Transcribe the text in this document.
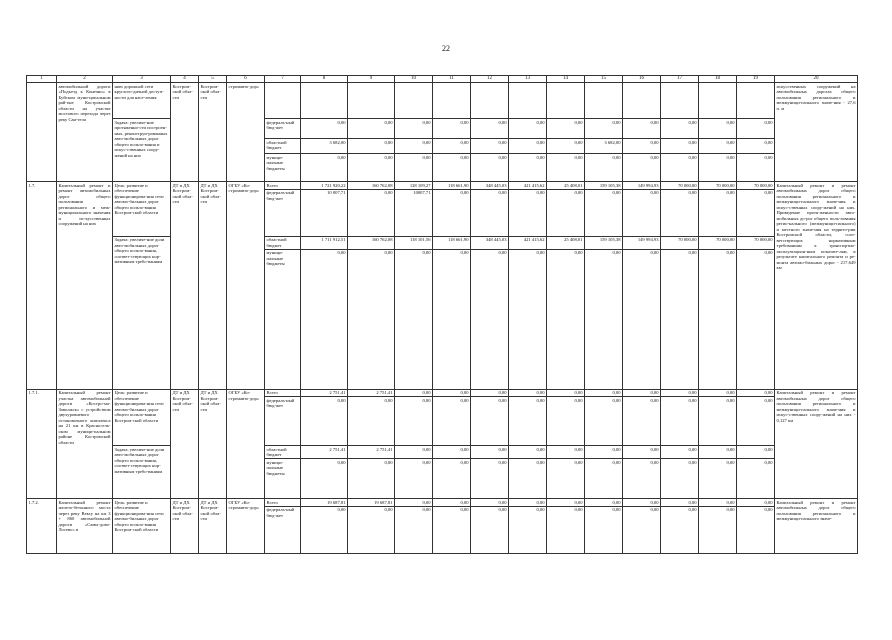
22
1	2	3	4	5	6	7	8	9	10	11	12	13	14	15	16	17	18	19	20
	автомобильной дороги «Подъезд к Конечно» в Буйском муни-ципальном рай-оне Костромской области на участке мостового перехода через реку Сан-тела	нию дорожной сети круглого-дичной доступ-ности для насе-ления	Костром-ской обла-сти	Костром-ской обла-сти	стромавто-дор»														искусственных сооружений на автомобильных дорогах общего пользования регионального и межмуници-пального значе-ния - 27,6 п. м
		Задача: увеличе-ние протяженно-сти построен-ных, реконструи-рованных авто-мобильных дорог общего пользо-вания и искус-ственных соору-жений на них				федераль-ный бюд-жет	0,00	0,00	0,00	0,00	0,00	0,00	0,00	0,00	0,00	0,00	0,00	0,00	
						областной бюджет	3 682,00	0,00	0,00	0,00	0,00	0,00	0,00	3 682,00	0,00	0,00	0,00	0,00	
						муници-пальные бюджеты	0,00	0,00	0,00	0,00	0,00	0,00	0,00	0,00	0,00	0,00	0,00	0,00	
1.7.	Капитальный ремонт и ремонт автомобильных дорог общего пользования регионального и меж-муниципального значения и ис-кусственных сооружений на них	Цель: развитие и обеспечение функционирова-ния сети автомо-бильных дорог общего пользо-вания Костром-ской области	ДТ и ДХ Костром-ской обла-сти	ДТ и ДХ Костром-ской обла-сти	ОГБУ «Ко-стромавто-дор»	Всего	1 721 920,22	160 762,08	128 109,27	118 661,90	348 445,03	421 415,62	25 408,01	159 105,38	149 994,93	70 000,00	70 000,00	70 000,00	Капитальный ремонт и ремонт автомобильных дорог общего пользования регионального и межмуници-пального значе-ния и искус-ственных соору-жений на них. Приведение протя-женности авто-мобильных до-рог общего поль-зования регио-нального (межмуници-пального) и местного значе-ния на террито-рии Костромской области, соот-ветствующих нормативным требованиям к транспортно-эксплуатацион-ным показате-лям, в результате капитального ремонта и ре-монта автомо-бильных дорог - 217,649 км
						федераль-ный бюд-жет	10 007,71	0,00	10007,71	0,00	0,00	0,00	0,00	0,00	0,00	0,00	0,00	0,00	
		Задача: увеличе-ние доли авто-мобильных дорог общего пользо-вания, соответ-ствующих нор-мативным требо-ваниям				областной бюджет	1 711 912,51	160 762,08	118 101,56	118 661,90	348 445,03	421 415,62	25 408,01	159 105,38	149 994,93	70 000,00	70 000,00	70 000,00	
						муници-пальные бюджеты	0,00	0,00	0,00	0,00	0,00	0,00	0,00	0,00	0,00	0,00	0,00	0,00	
1.7.1.	Капитальный ремонт участка автомобильной дороги «Костро-ма-Заволжск» с устройством двухуровневого остановочного комплекса на 21 км в Красносель-ском муници-пальном районе Костромской области	Цель: развитие и обеспечение функционирова-ния сети автомо-бильных дорог общего пользо-вания Костром-ской области	ДТ и ДХ Костром-ской обла-сти	ДТ и ДХ Костром-ской обла-сти	ОГБУ «Ко-стромавто-дор»	Всего	2 751,41	2 751,41	0,00	0,00	0,00	0,00	0,00	0,00	0,00	0,00	0,00	0,00	Капитальный ремонт и ремонт автомобильных дорог общего пользования регионального и межмуници-пального значе-ния и искус-ственных соору-жений на них - 0,127 км
						федераль-ный бюд-жет	0,00	0,00	0,00	0,00	0,00	0,00	0,00	0,00	0,00	0,00	0,00	0,00	
		Задача: увеличе-ние доли авто-мобильных дорог общего пользо-вания, соответ-ствующих нор-мативным требо-ваниям				областной бюджет	2 751,41	2 751,41	0,00	0,00	0,00	0,00	0,00	0,00	0,00	0,00	0,00	0,00	
						муници-пальные бюджеты	0,00	0,00	0,00	0,00	0,00	0,00	0,00	0,00	0,00	0,00	0,00	0,00	
1.7.2.	Капитальный ремонт железо-бетонного моста через реку Вексу на км 3 + 860 автомобильной дороги «Самы-дово-Лосево» в	Цель: развитие и обеспечение функционирова-ния сети автомо-бильных дорог общего пользо-вания Костром-ской области	ДТ и ДХ Костром-ской обла-сти	ДТ и ДХ Костром-ской обла-сти	ОГБУ «Ко-стромавто-дор»	Всего	19 687,81	19 687,81	0,00	0,00	0,00	0,00	0,00	0,00	0,00	0,00	0,00	0,00	Капитальный ремонт и ремонт автомобильных дорог общего пользования регионального и межмуници-пального значе-
						федераль-ный бюд-жет	0,00	0,00	0,00	0,00	0,00	0,00	0,00	0,00	0,00	0,00	0,00	0,00	
